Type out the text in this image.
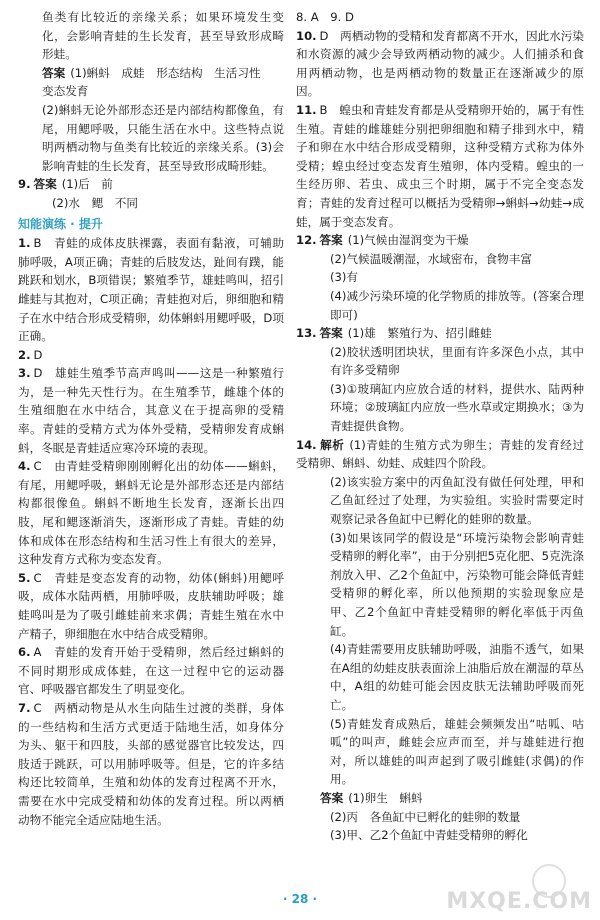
鱼类有比较近的亲缘关系；如果环境发生变化，会影响青蛙的生长发育，甚至导致形成畸形蛙。

答案 (1)蝌蚪　成蛙　形态结构　生活习性

变态发育

(2)蝌蚪无论外部形态还是内部结构都像鱼，有尾，用鳃呼吸，只能生活在水中。这些特点说明两栖动物与鱼类有比较近的亲缘关系。(3)会影响青蛙的生长发育，甚至导致形成畸形蛙。

9. 答案 (1)后　前

(2)水　鳃　不同

知能演练 · 提升

1. B　青蛙的成体皮肤裸露，表面有黏液，可辅助肺呼吸，A项正确；青蛙的后肢发达，趾间有蹼，能跳跃和划水，B项错误；繁殖季节，雄蛙鸣叫，招引雌蛙与其抱对，C项正确；青蛙抱对后，卵细胞和精子在水中结合形成受精卵，幼体蝌蚪用鳃呼吸，D项正确。

2. D

3. D　雄蛙生殖季节高声鸣叫——这是一种繁殖行为，是一种先天性行为。在生殖季节，雌雄个体的生殖细胞在水中结合，其意义在于提高卵的受精率。青蛙的受精方式为体外受精，受精卵发育成蝌蚪，冬眠是青蛙适应寒冷环境的表现。

4. C　由青蛙受精卵刚刚孵化出的幼体——蝌蚪，有尾，用鳃呼吸，蝌蚪无论是外部形态还是内部结构都很像鱼。蝌蚪不断地生长发育，逐渐长出四肢，尾和鳃逐渐消失，逐渐形成了青蛙。青蛙的幼体和成体在形态结构和生活习性上有很大的差异，这种发育方式称为变态发育。

5. C　青蛙是变态发育的动物，幼体(蝌蚪)用鳃呼吸，成体水陆两栖，用肺呼吸，皮肤辅助呼吸；雄蛙鸣叫是为了吸引雌蛙前来求偶；青蛙生殖在水中产精子，卵细胞在水中结合成受精卵。

6. A　青蛙的发育开始于受精卵，然后经过蝌蚪的不同时期形成成体蛙，在这一过程中它的运动器官、呼吸器官都发生了明显变化。

7. C　两栖动物是从水生向陆生过渡的类群，身体的一些结构和生活方式更适于陆地生活，如身体分为头、躯干和四肢，头部的感觉器官比较发达，四肢适于跳跃，可以用肺呼吸等。但是，它的许多结构还比较简单，生殖和幼体的发育过程离不开水，需要在水中完成受精和幼体的发育过程。所以两栖动物不能完全适应陆地生活。

8. A　9. D

10. D　两栖动物的受精和发育都离不开水，因此水污染和水资源的减少会导致两栖动物的减少。人们捕杀和食用两栖动物，也是两栖动物的数量正在逐渐减少的原因。

11. B　蝗虫和青蛙发育都是从受精卵开始的，属于有性生殖。青蛙的雌雄蛙分别把卵细胞和精子排到水中，精子和卵在水中结合形成受精卵，这种受精方式称为体外受精；蝗虫经过变态发育生殖卵，体内受精。蝗虫的一生经历卵、若虫、成虫三个时期，属于不完全变态发育；青蛙的发育过程可以概括为受精卵→蝌蚪→幼蛙→成蛙，属于变态发育。

12. 答案 (1)气候由湿润变为干燥

(2)气候温暖潮湿，水域密布，食物丰富

(3)有

(4)减少污染环境的化学物质的排放等。(答案合理即可)

13. 答案 (1)雄　繁殖行为、招引雌蛙

(2)胶状透明团块状，里面有许多深色小点，其中有许多受精卵

(3)①玻璃缸内应放合适的材料，提供水、陆两种环境；②玻璃缸内应放一些水草或定期换水；③为青蛙提供食物。

14. 解析 (1)青蛙的生殖方式为卵生；青蛙的发育经过受精卵、蝌蚪、幼蛙、成蛙四个阶段。

(2)该实验方案中的丙鱼缸没有做任何处理，甲和乙鱼缸经过了处理，为实验组。实验时需要定时观察记录各鱼缸中已孵化的蛙卵的数量。

(3)如果该同学的假设是“环境污染物会影响青蛙受精卵的孵化率”，由于分别把5克化肥、5克洗涤剂放入甲、乙2个鱼缸中，污染物可能会降低青蛙受精卵的孵化率，所以他预期的实验现象应是甲、乙2个鱼缸中青蛙受精卵的孵化率低于丙鱼缸。

(4)青蛙需要用皮肤辅助呼吸，油脂不透气，如果在A组的幼蛙皮肤表面涂上油脂后放在潮湿的草丛中，A组的幼蛙可能会因皮肤无法辅助呼吸而死亡。

(5)青蛙发育成熟后，雄蛙会频频发出“咕呱、咕呱”的叫声，雌蛙会应声而至，并与雄蛙进行抱对，所以雄蛙的叫声起到了吸引雌蛙(求偶)的作用。

答案 (1)卵生　蝌蚪

(2)丙　各鱼缸中已孵化的蛙卵的数量

(3)甲、乙2个鱼缸中青蛙受精卵的孵化

· 28 ·	MXQE.COM
